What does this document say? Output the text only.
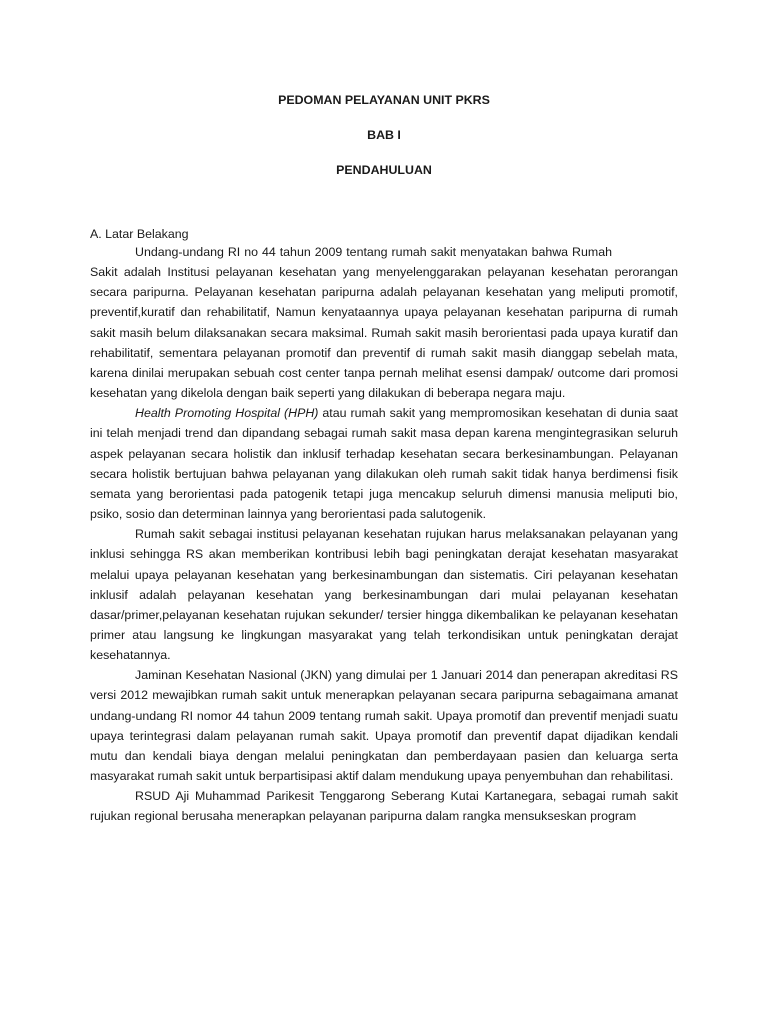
PEDOMAN PELAYANAN UNIT PKRS
BAB I
PENDAHULUAN
A. Latar Belakang

Undang-undang RI no 44 tahun 2009 tentang rumah sakit menyatakan bahwa RumahSakit adalah Institusi pelayanan kesehatan yang menyelenggarakan pelayanan kesehatan perorangan secara paripurna. Pelayanan kesehatan paripurna adalah pelayanan kesehatan yang meliputi promotif, preventif,kuratif dan rehabilitatif, Namun kenyataannya upaya pelayanan kesehatan paripurna di rumah sakit masih belum dilaksanakan secara maksimal. Rumah sakit masih berorientasi pada upaya kuratif dan rehabilitatif, sementara pelayanan promotif dan preventif di rumah sakit masih dianggap sebelah mata, karena dinilai merupakan sebuah cost center tanpa pernah melihat esensi dampak/ outcome dari promosi kesehatan yang dikelola dengan baik seperti yang dilakukan di beberapa negara maju.

Health Promoting Hospital (HPH) atau rumah sakit yang mempromosikan kesehatan di dunia saat ini telah menjadi trend dan dipandang sebagai rumah sakit masa depan karena mengintegrasikan seluruh aspek pelayanan secara holistik dan inklusif terhadap kesehatan secara berkesinambungan. Pelayanan secara holistik bertujuan bahwa pelayanan yang dilakukan oleh rumah sakit tidak hanya berdimensi fisik semata yang berorientasi pada patogenik tetapi juga mencakup seluruh dimensi manusia meliputi bio, psiko, sosio dan determinan lainnya yang berorientasi pada salutogenik.

Rumah sakit sebagai institusi pelayanan kesehatan rujukan harus melaksanakan pelayanan yang inklusi sehingga RS akan memberikan kontribusi lebih bagi peningkatan derajat kesehatan masyarakat melalui upaya pelayanan kesehatan yang berkesinambungan dan sistematis. Ciri pelayanan kesehatan inklusif adalah pelayanan kesehatan yang berkesinambungan dari mulai pelayanan kesehatan dasar/primer,pelayanan kesehatan rujukan sekunder/ tersier hingga dikembalikan ke pelayanan kesehatan primer atau langsung ke lingkungan masyarakat yang telah terkondisikan untuk peningkatan derajat kesehatannya.

Jaminan Kesehatan Nasional (JKN) yang dimulai per 1 Januari 2014 dan penerapan akreditasi RS versi 2012 mewajibkan rumah sakit untuk menerapkan pelayanan secara paripurna sebagaimana amanat undang-undang RI nomor 44 tahun 2009 tentang rumah sakit. Upaya promotif dan preventif menjadi suatu upaya terintegrasi dalam pelayanan rumah sakit. Upaya promotif dan preventif dapat dijadikan kendali mutu dan kendali biaya dengan melalui peningkatan dan pemberdayaan pasien dan keluarga serta masyarakat rumah sakit untuk berpartisipasi aktif dalam mendukung upaya penyembuhan dan rehabilitasi.

RSUD Aji Muhammad Parikesit Tenggarong Seberang Kutai Kartanegara, sebagai rumah sakit rujukan regional berusaha menerapkan pelayanan paripurna dalam rangka mensukseskan program
